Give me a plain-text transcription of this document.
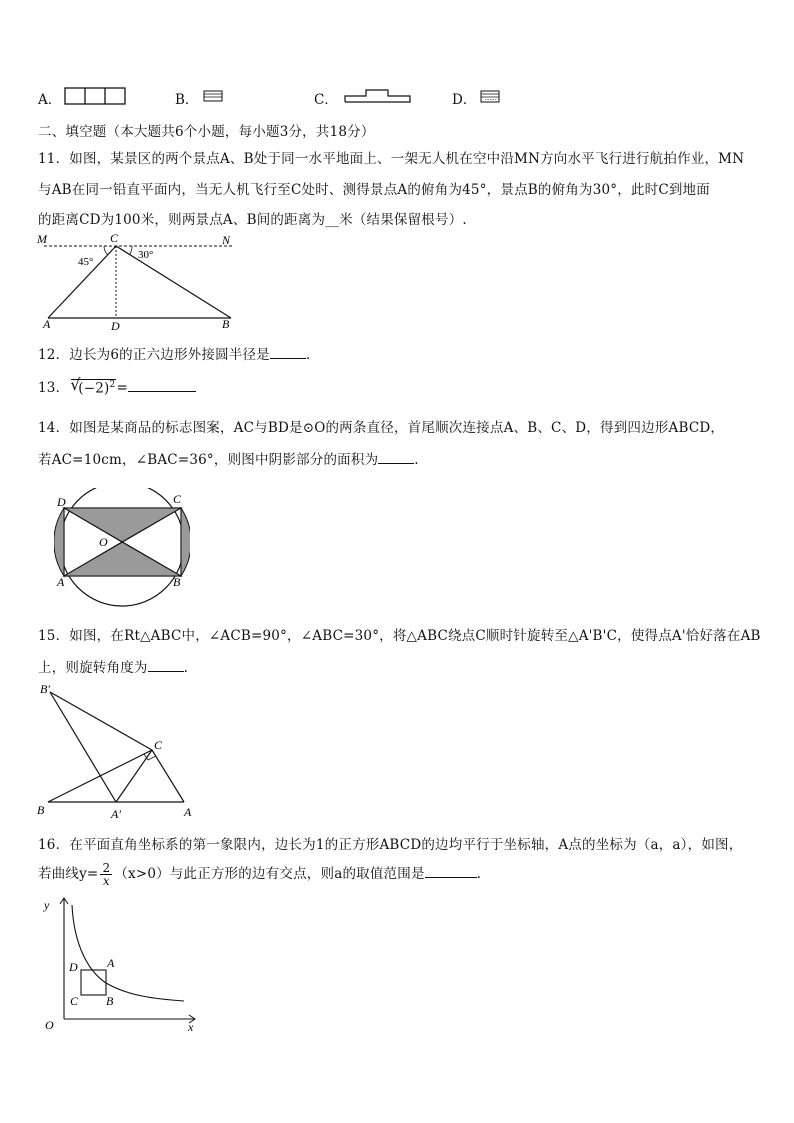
A．	B．	C．	D．
二、填空题（本大题共6个小题，每小题3分，共18分）
11．如图，某景区的两个景点A、B处于同一水平地面上、一架无人机在空中沿MN方向水平飞行进行航拍作业，MN
与AB在同一铅直平面内，当无人机飞行至C处时、测得景点A的俯角为45°，景点B的俯角为30°，此时C到地面
的距离CD为100米，则两景点A、B间的距离为__米（结果保留根号）.
M	C	N
45°
30°
A	D	B
12．边长为6的正六边形外接圆半径是	.
13． √
$(-2)^2=$
14．如图是某商品的标志图案，AC与BD是⊙O的两条直径，首尾顺次连接点A、B、C、D，得到四边形ABCD，
若AC=10cm，∠BAC=36°，则图中阴影部分的面积为	.
D	C
O
A	B
15．如图，在Rt△ABC中，∠ACB=90°，∠ABC=30°，将△ABC绕点C顺时针旋转至△A'B'C，使得点A'恰好落在AB
上，则旋转角度为	.
B′
C
B	A′	A
16．在平面直角坐标系的第一象限内，边长为1的正方形ABCD的边均平行于坐标轴，A点的坐标为（a，a），如图，
若曲线$y= \frac{2}{x} (x>0)$与此正方形的边有交点，则a的取值范围是	.
y
x
O
D A
C B
